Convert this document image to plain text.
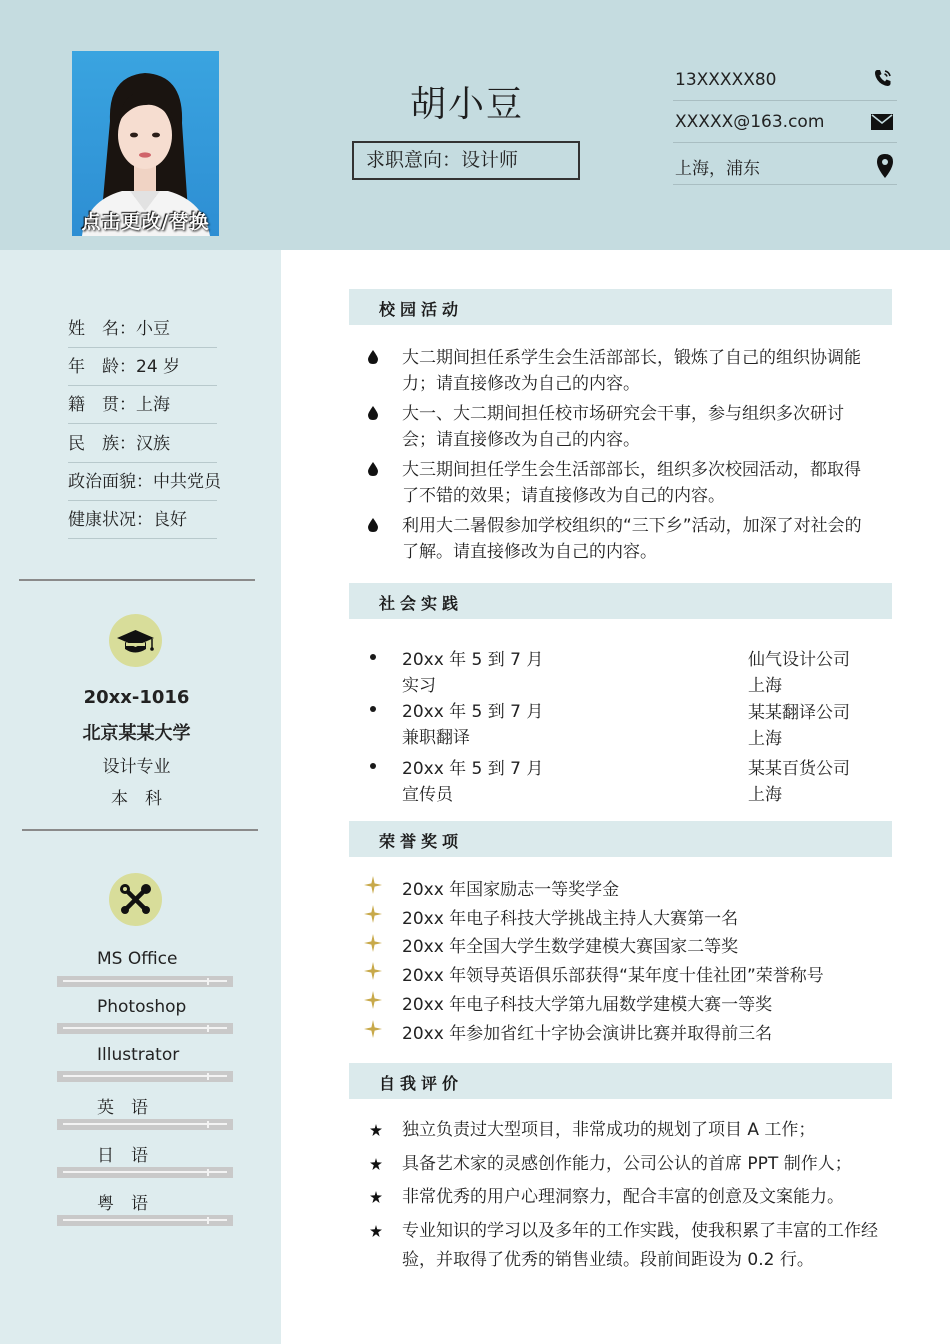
点击更改/替换
胡小豆
求职意向：设计师
13XXXXX80
XXXXX@163.com
上海，浦东
姓　名：小豆
年　龄：24 岁
籍　贯：上海
民　族：汉族
政治面貌：中共党员
健康状况：良好
20xx-1016
北京某某大学
设计专业
本　科
MS Office
Photoshop
Illustrator
英　语
日　语
粤　语
校园活动
大二期间担任系学生会生活部部长，锻炼了自己的组织协调能力；请直接修改为自己的内容。
大一、大二期间担任校市场研究会干事，参与组织多次研讨会；请直接修改为自己的内容。
大三期间担任学生会生活部部长，组织多次校园活动，都取得了不错的效果；请直接修改为自己的内容。
利用大二暑假参加学校组织的“三下乡”活动，加深了对社会的了解。请直接修改为自己的内容。
社会实践
20xx 年 5 到 7 月
实习
仙气设计公司
上海
20xx 年 5 到 7 月
兼职翻译
某某翻译公司
上海
20xx 年 5 到 7 月
宣传员
某某百货公司
上海
荣誉奖项
20xx 年国家励志一等奖学金
20xx 年电子科技大学挑战主持人大赛第一名
20xx 年全国大学生数学建模大赛国家二等奖
20xx 年领导英语俱乐部获得“某年度十佳社团”荣誉称号
20xx 年电子科技大学第九届数学建模大赛一等奖
20xx 年参加省红十字协会演讲比赛并取得前三名
自我评价
独立负责过大型项目，非常成功的规划了项目 A 工作；
具备艺术家的灵感创作能力，公司公认的首席 PPT 制作人；
非常优秀的用户心理洞察力，配合丰富的创意及文案能力。
专业知识的学习以及多年的工作实践，使我积累了丰富的工作经验，并取得了优秀的销售业绩。段前间距设为 0.2 行。
